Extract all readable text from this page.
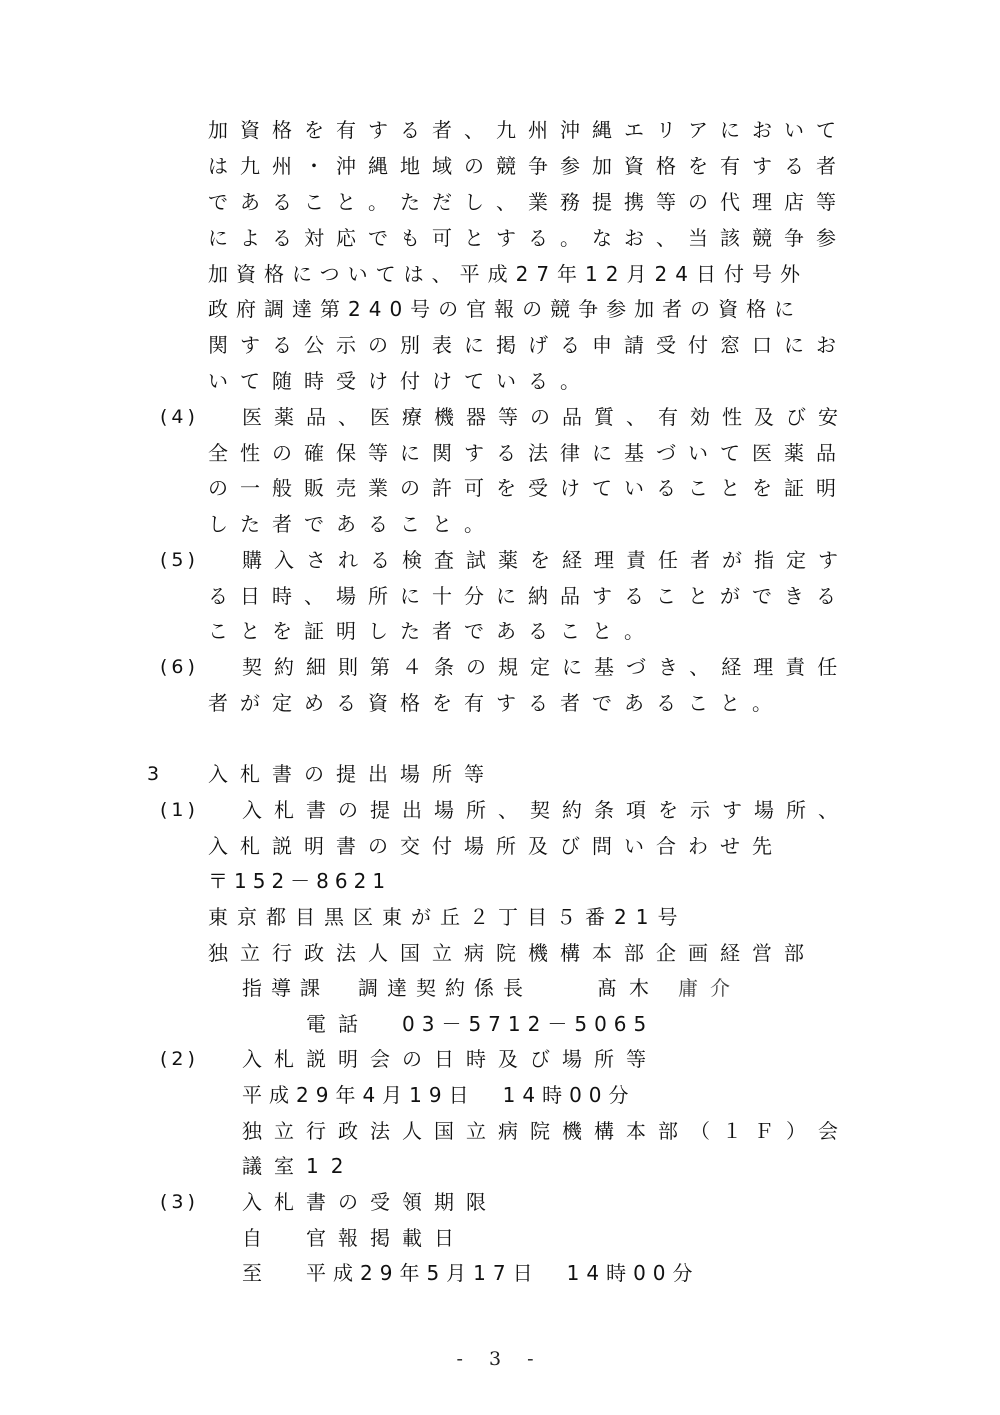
加資格を有する者、九州沖縄エリアにおいて
は九州・沖縄地域の競争参加資格を有する者
であること。ただし、業務提携等の代理店等
による対応でも可とする。なお、当該競争参
加資格については、平成27年12月24日付号外
政府調達第240号の官報の競争参加者の資格に
関する公示の別表に掲げる申請受付窓口にお
いて随時受け付けている。
(4) 医薬品、医療機器等の品質、有効性及び安
全性の確保等に関する法律に基づいて医薬品
の一般販売業の許可を受けていることを証明
した者であること。
(5) 購入される検査試薬を経理責任者が指定す
る日時、場所に十分に納品することができる
ことを証明した者であること。
(6) 契約細則第４条の規定に基づき、経理責任
者が定める資格を有する者であること。
3 入札書の提出場所等
(1) 入札書の提出場所、契約条項を示す場所、
入札説明書の交付場所及び問い合わせ先
〒152－8621
東京都目黒区東が丘２丁目５番21号
独立行政法人国立病院機構本部企画経営部
指導課　調達契約係長	髙木 庸介
電話 03－5712－5065
(2) 入札説明会の日時及び場所等
平成29年4月19日　14時00分
独立行政法人国立病院機構本部（１Ｆ）会
議室12
(3) 入札書の受領期限
自 官報掲載日
至 平成29年5月17日　14時00分
- 3 -
